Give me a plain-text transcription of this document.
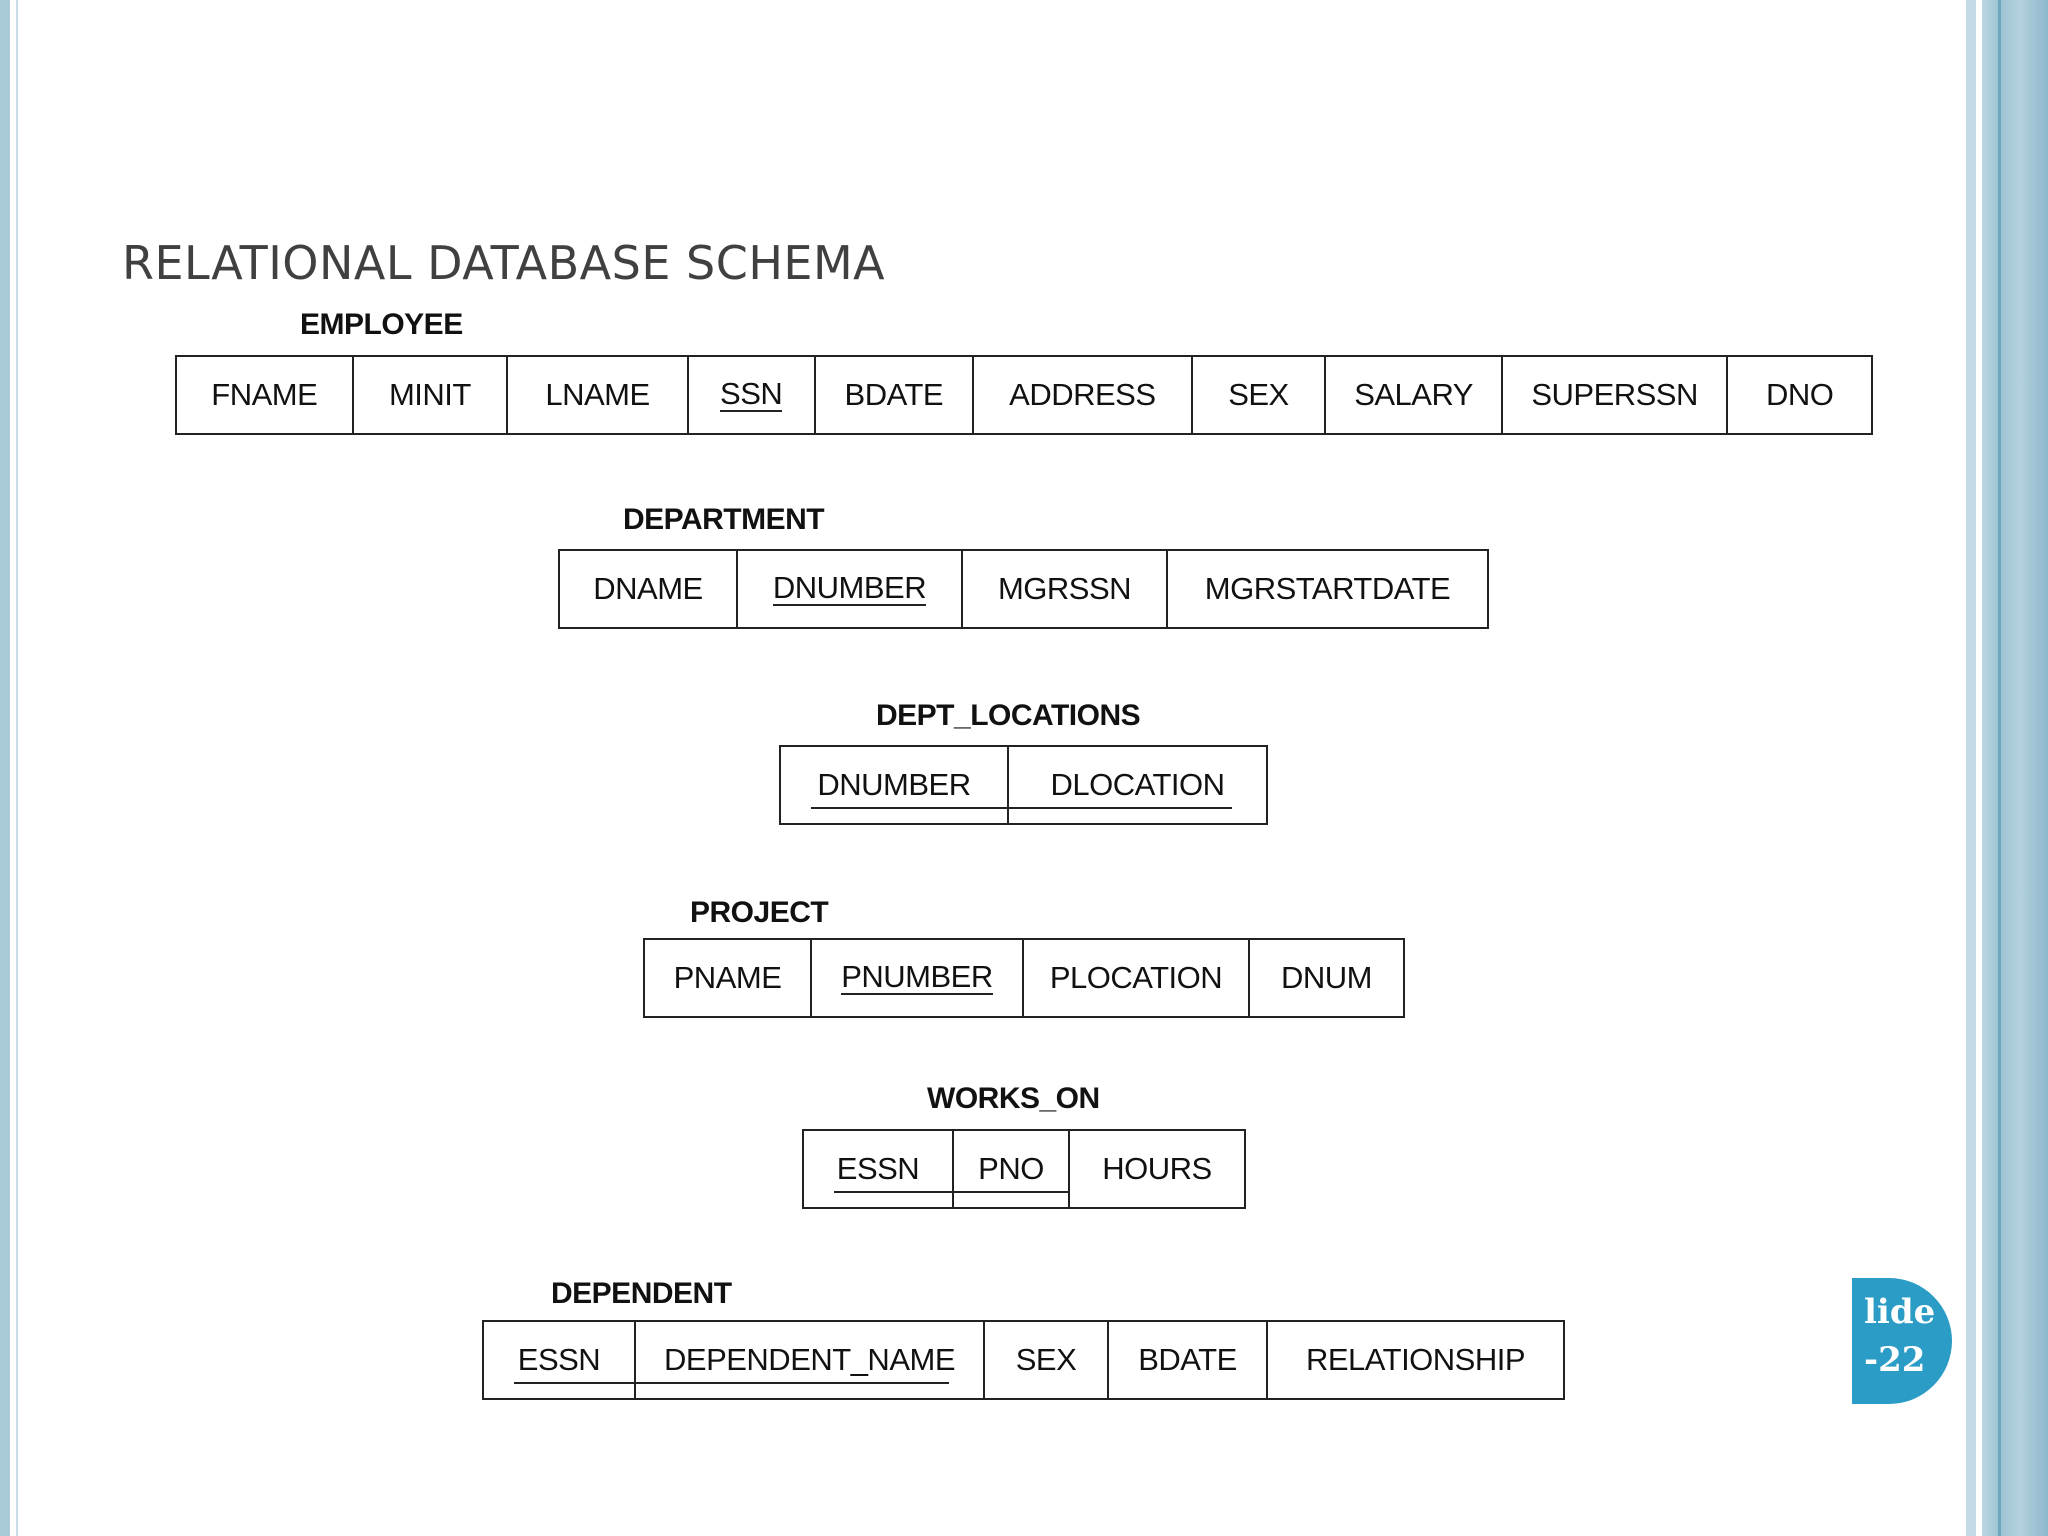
RELATIONAL DATABASE SCHEMA
EMPLOYEE
FNAME MINIT LNAME SSN BDATE ADDRESS SEX SALARY SUPERSSN DNO
DEPARTMENT
DNAME DNUMBER MGRSSN MGRSTARTDATE
DEPT_LOCATIONS
DNUMBER	DLOCATION
PROJECT
PNAME PNUMBER PLOCATION DNUM
WORKS_ON
ESSN PNO HOURS
DEPENDENT
ESSN DEPENDENT_NAME SEX BDATE RELATIONSHIP
lide
-22
